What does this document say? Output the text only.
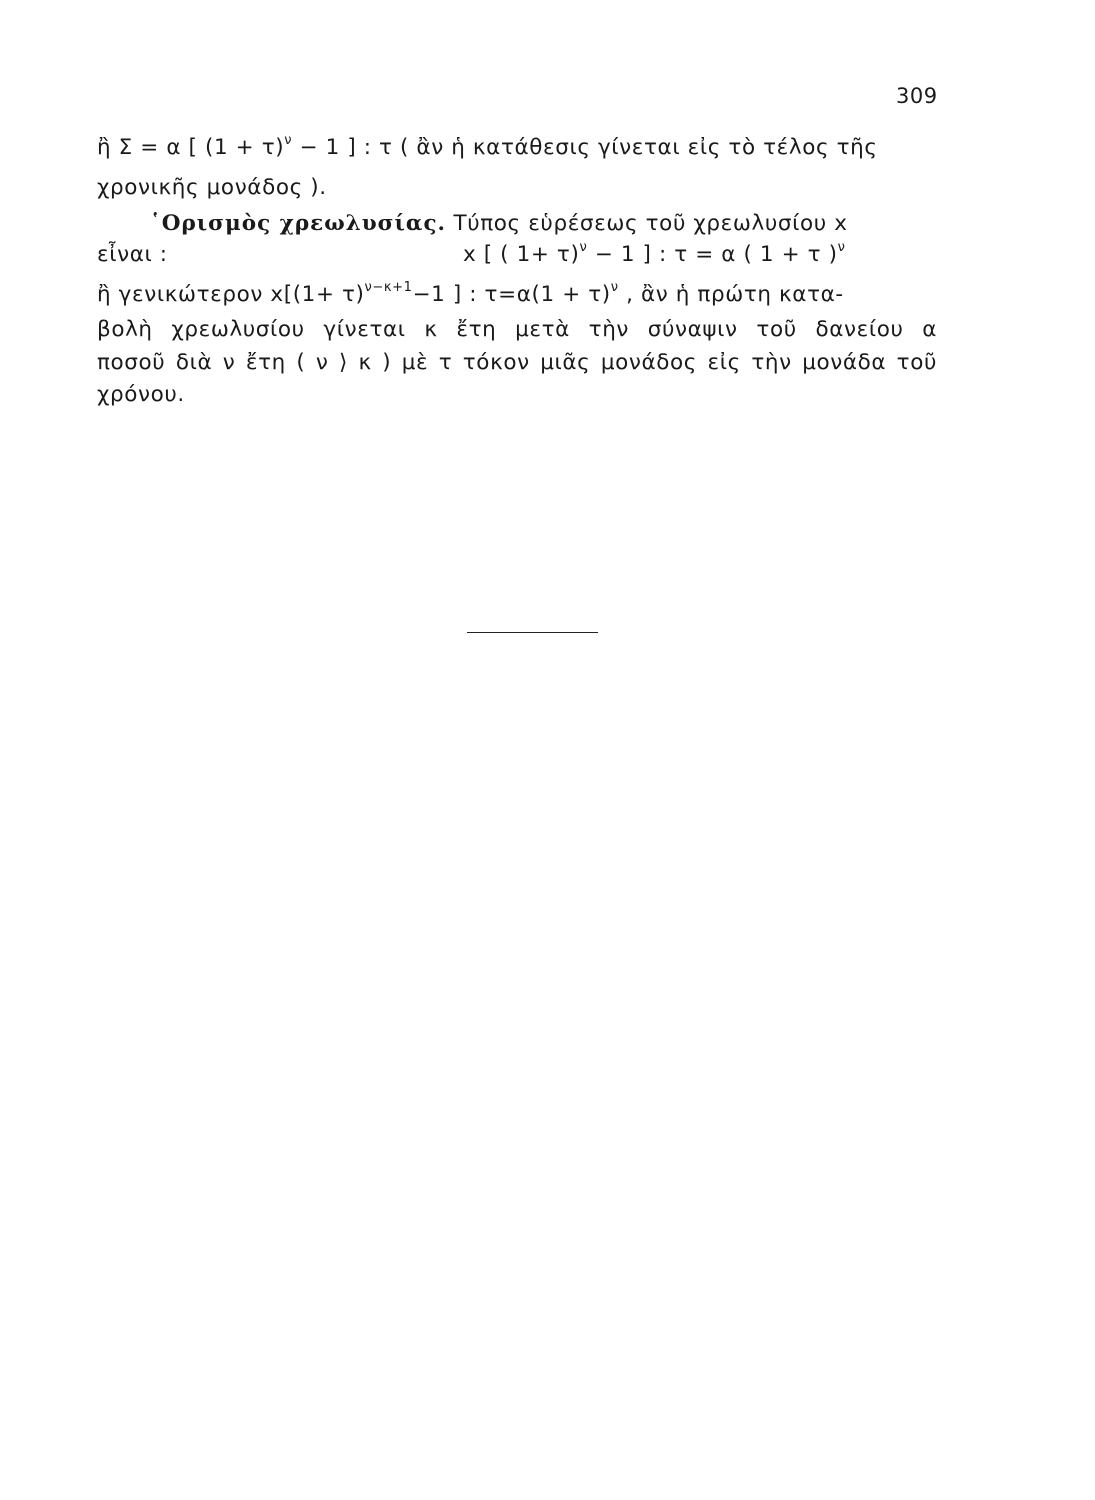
309
ἢ Σ = α [ $(1 + \tau)^\nu - 1$ ] : τ ( ἂν ἡ κατάθεσις γίνεται εἰς τὸ τέλος τῆς
χρονικῆς μονάδος ).
῾Ορισμὸς χρεωλυσίας. Τύπος εὑρέσεως τοῦ χρεωλυσίου x
εἶναι :	x [ ( 1+ τ)$^\nu$ − 1 ] : τ = α ( 1 + τ )$^\nu$
ἢ γενικώτερον $x[(1+ \tau)^{\nu-\kappa+1}-1$ ] : $\tau=\alpha(1 + \tau)^\nu$ , ἂν ἡ πρώτη κατα-
βολὴ χρεωλυσίου γίνεται κ ἔτη μετὰ τὴν σύναψιν τοῦ δανείου α
ποσοῦ διὰ ν ἔτη ( ν ⟩ κ ) μὲ τ τόκον μιᾶς μονάδος εἰς τὴν μονάδα τοῦ
χρόνου.
